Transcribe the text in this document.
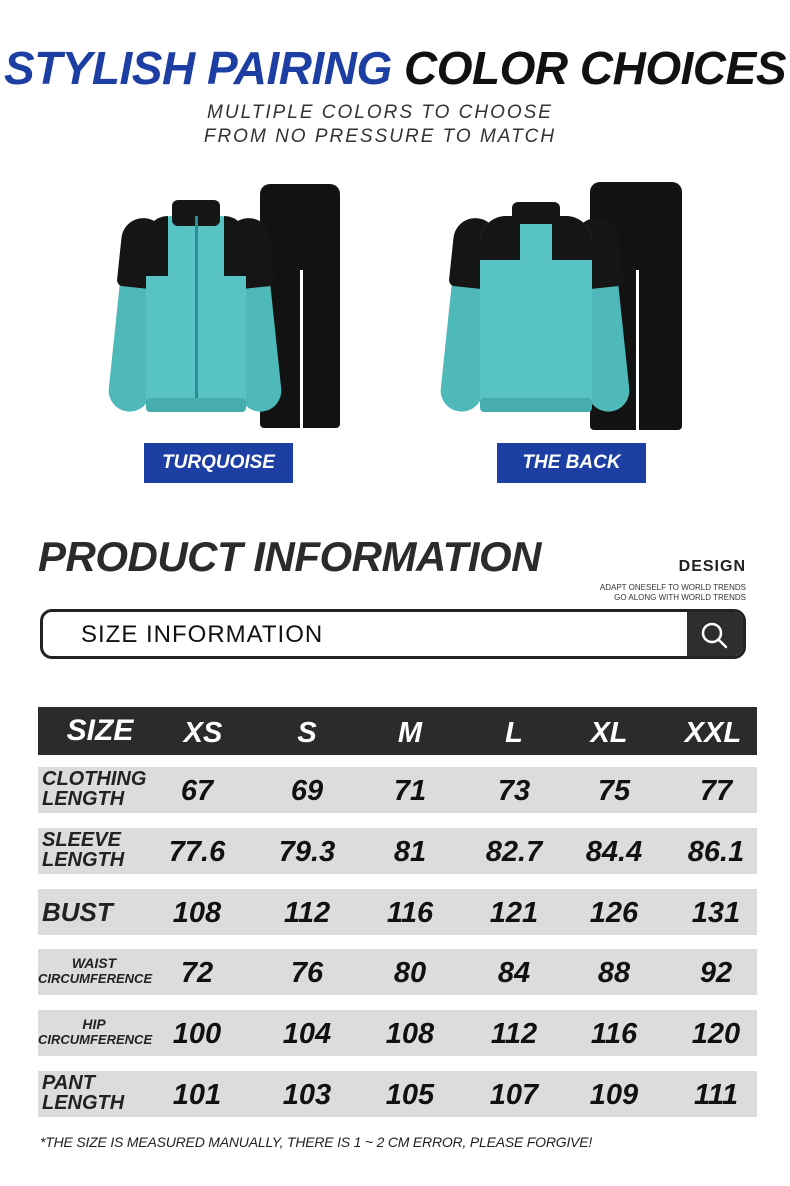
STYLISH PAIRING COLOR CHOICES
MULTIPLE COLORS TO CHOOSE
FROM NO PRESSURE TO MATCH
TURQUOISE	THE BACK
PRODUCT INFORMATION	DESIGN
ADAPT ONESELF TO WORLD TRENDS
GO ALONG WITH WORLD TRENDS
SIZE INFORMATION
SIZE	XS	S	M	L	XL	XXL
CLOTHING
LENGTH	67	69	71	73	75	77
SLEEVE
LENGTH	77.6	79.3	81	82.7	84.4	86.1
BUST	108	112	116	121	126	131
WAIST
CIRCUMFERENCE 72	76	80	84	88	92
HIP
CIRCUMFERENCE 100	104	108	112	116	120
PANT
LENGTH	101	103	105	107	109	111
*THE SIZE IS MEASURED MANUALLY, THERE IS 1 ~ 2 CM ERROR, PLEASE FORGIVE!
